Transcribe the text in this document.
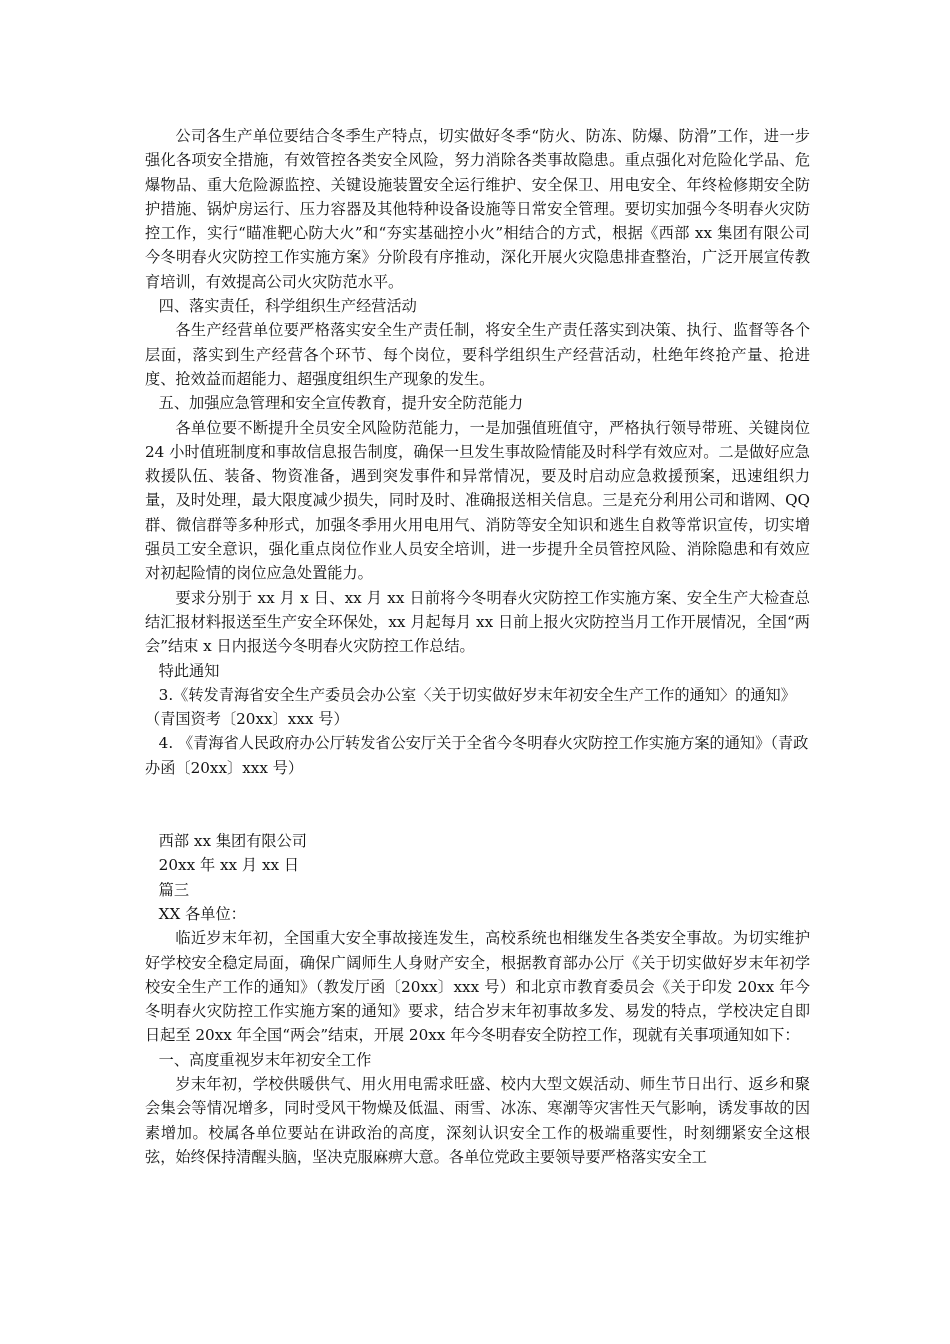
公司各生产单位要结合冬季生产特点，切实做好冬季“防火、防冻、防爆、防滑”工作，进一步强化各项安全措施，有效管控各类安全风险，努力消除各类事故隐患。重点强化对危险化学品、危爆物品、重大危险源监控、关键设施装置安全运行维护、安全保卫、用电安全、年终检修期安全防护措施、锅炉房运行、压力容器及其他特种设备设施等日常安全管理。要切实加强今冬明春火灾防控工作，实行“瞄准靶心防大火”和“夯实基础控小火”相结合的方式，根据《西部 xx 集团有限公司今冬明春火灾防控工作实施方案》分阶段有序推动，深化开展火灾隐患排查整治，广泛开展宣传教育培训，有效提高公司火灾防范水平。

四、落实责任，科学组织生产经营活动

各生产经营单位要严格落实安全生产责任制，将安全生产责任落实到决策、执行、监督等各个层面，落实到生产经营各个环节、每个岗位，要科学组织生产经营活动，杜绝年终抢产量、抢进度、抢效益而超能力、超强度组织生产现象的发生。

五、加强应急管理和安全宣传教育，提升安全防范能力

各单位要不断提升全员安全风险防范能力，一是加强值班值守，严格执行领导带班、关键岗位 24 小时值班制度和事故信息报告制度，确保一旦发生事故险情能及时科学有效应对。二是做好应急救援队伍、装备、物资准备，遇到突发事件和异常情况，要及时启动应急救援预案，迅速组织力量，及时处理，最大限度减少损失，同时及时、准确报送相关信息。三是充分利用公司和谐网、QQ 群、微信群等多种形式，加强冬季用火用电用气、消防等安全知识和逃生自救等常识宣传，切实增强员工安全意识，强化重点岗位作业人员安全培训，进一步提升全员管控风险、消除隐患和有效应对初起险情的岗位应急处置能力。

要求分别于 xx 月 x 日、xx 月 xx 日前将今冬明春火灾防控工作实施方案、安全生产大检查总结汇报材料报送至生产安全环保处，xx 月起每月 xx 日前上报火灾防控当月工作开展情况，全国“两会”结束 x 日内报送今冬明春火灾防控工作总结。

特此通知

3.《转发青海省安全生产委员会办公室〈关于切实做好岁末年初安全生产工作的通知〉的通知》（青国资考〔20xx〕xxx 号）

4. 《青海省人民政府办公厅转发省公安厅关于全省今冬明春火灾防控工作实施方案的通知》（青政办函〔20xx〕xxx 号）

西部 xx 集团有限公司

20xx 年 xx 月 xx 日

篇三

XX 各单位：

临近岁末年初，全国重大安全事故接连发生，高校系统也相继发生各类安全事故。为切实维护好学校安全稳定局面，确保广阔师生人身财产安全，根据教育部办公厅《关于切实做好岁末年初学校安全生产工作的通知》（教发厅函〔20xx〕xxx 号）和北京市教育委员会《关于印发 20xx 年今冬明春火灾防控工作实施方案的通知》要求，结合岁末年初事故多发、易发的特点，学校决定自即日起至 20xx 年全国“两会”结束，开展 20xx 年今冬明春安全防控工作，现就有关事项通知如下：

一、高度重视岁末年初安全工作

岁末年初，学校供暖供气、用火用电需求旺盛、校内大型文娱活动、师生节日出行、返乡和聚会集会等情况增多，同时受风干物燥及低温、雨雪、冰冻、寒潮等灾害性天气影响，诱发事故的因素增加。校属各单位要站在讲政治的高度，深刻认识安全工作的极端重要性，时刻绷紧安全这根弦，始终保持清醒头脑，坚决克服麻痹大意。各单位党政主要领导要严格落实安全工
